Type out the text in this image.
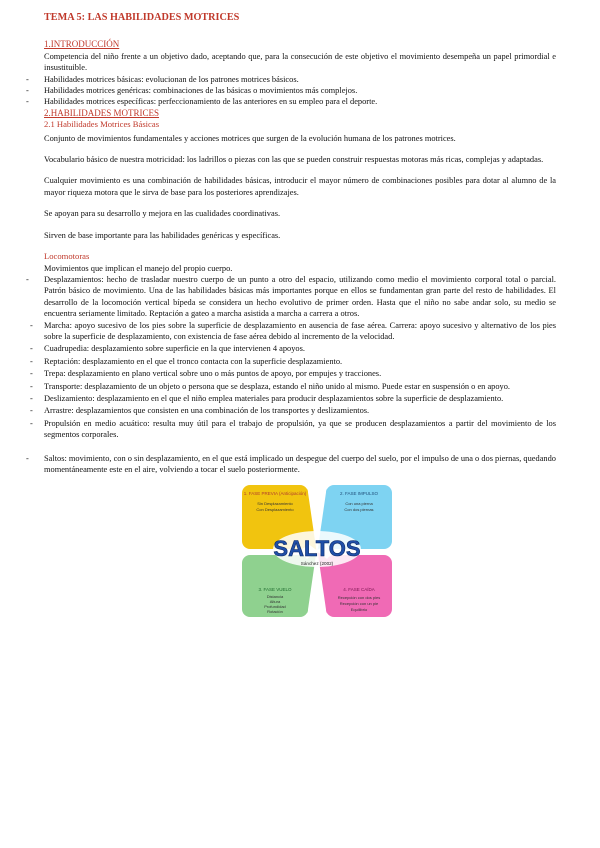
TEMA 5: LAS HABILIDADES MOTRICES
1.INTRODUCCIÓN

Competencia del niño frente a un objetivo dado, aceptando que, para la consecución de este objetivo el movimiento desempeña un papel primordial e insustituible.

- Habilidades motrices básicas: evolucionan de los patrones motrices básicos.
- Habilidades motrices genéricas: combinaciones de las básicas o movimientos más complejos.
- Habilidades motrices específicas: perfeccionamiento de las anteriores en su empleo para el deporte.
2.HABILIDADES MOTRICES
2.1 Habilidades Motrices Básicas

Conjunto de movimientos fundamentales y acciones motrices que surgen de la evolución humana de los patrones motrices.

Vocabulario básico de nuestra motricidad: los ladrillos o piezas con las que se pueden construir respuestas motoras más ricas, complejas y adaptadas.

Cualquier movimiento es una combinación de habilidades básicas, introducir el mayor número de combinaciones posibles para dotar al alumno de la mayor riqueza motora que le sirva de base para los posteriores aprendizajes.

Se apoyan para su desarrollo y mejora en las cualidades coordinativas.

Sirven de base importante para las habilidades genéricas y específicas.

Locomotoras

Movimientos que implican el manejo del propio cuerpo.

- Desplazamientos: hecho de trasladar nuestro cuerpo de un punto a otro del espacio, utilizando como medio el movimiento corporal total o parcial. Patrón básico de movimiento. Una de las habilidades básicas más importantes porque en ellos se fundamentan gran parte del resto de habilidades. El desarrollo de la locomoción vertical bípeda se considera un hecho evolutivo de primer orden. Hasta que el niño no sabe andar solo, su medio se encuentra seriamente limitado. Reptación a gateo a marcha asistida a marcha a carrera a otros.
- Marcha: apoyo sucesivo de los pies sobre la superficie de desplazamiento en ausencia de fase aérea. Carrera: apoyo sucesivo y alternativo de los pies sobre la superficie de desplazamiento, con existencia de fase aérea debido al incremento de la velocidad.
- Cuadrupedia: desplazamiento sobre superficie en la que intervienen 4 apoyos.
- Reptación: desplazamiento en el que el tronco contacta con la superficie desplazamiento.
- Trepa: desplazamiento en plano vertical sobre uno o más puntos de apoyo, por empujes y tracciones.
- Transporte: desplazamiento de un objeto o persona que se desplaza, estando el niño unido al mismo. Puede estar en suspensión o en apoyo.
- Deslizamiento: desplazamiento en el que el niño emplea materiales para producir desplazamientos sobre la superficie de desplazamiento.
- Arrastre: desplazamientos que consisten en una combinación de los transportes y deslizamientos.
- Propulsión en medio acuático: resulta muy útil para el trabajo de propulsión, ya que se producen desplazamientos a partir del movimiento de los segmentos corporales.
- Saltos: movimiento, con o sin desplazamiento, en el que está implicado un despegue del cuerpo del suelo, por el impulso de una o dos piernas, quedando momentáneamente este en el aire, volviendo a tocar el suelo posteriormente.
1. FASE PREVIA (Anticipación)
Sin Desplazamiento
Con Desplazamiento
2. FASE IMPULSO
Con una pierna
Con dos piernas
3. FASE VUELO
Distancia
Altura
Profundidad
Rotación
4. FASE CAÍDA
Recepción con dos pies
Recepción con un pie
Equilibrio
SALTOS
Sánchez (2002)
